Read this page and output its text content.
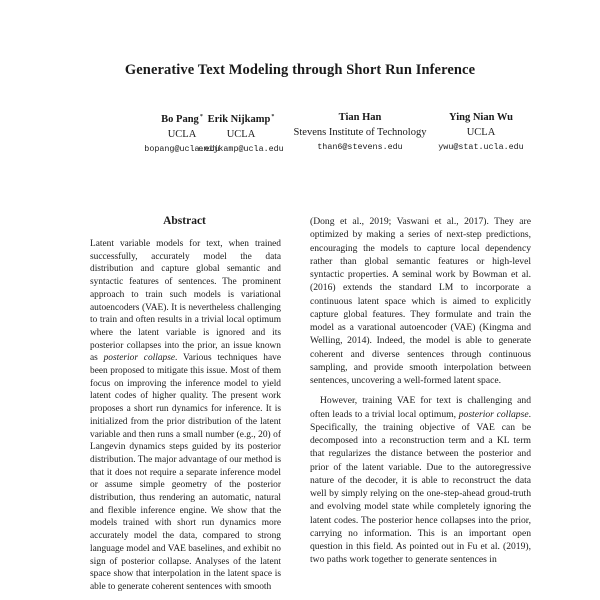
Generative Text Modeling through Short Run Inference
Bo Pang*
UCLA
bopang@ucla.edu
Erik Nijkamp*
UCLA
enijkamp@ucla.edu
Tian Han
Stevens Institute of Technology
than6@stevens.edu
Ying Nian Wu
UCLA
ywu@stat.ucla.edu
Abstract
Latent variable models for text, when trained successfully, accurately model the data distribution and capture global semantic and syntactic features of sentences. The prominent approach to train such models is variational autoencoders (VAE). It is nevertheless challenging to train and often results in a trivial local optimum where the latent variable is ignored and its posterior collapses into the prior, an issue known as posterior collapse. Various techniques have been proposed to mitigate this issue. Most of them focus on improving the inference model to yield latent codes of higher quality. The present work proposes a short run dynamics for inference. It is initialized from the prior distribution of the latent variable and then runs a small number (e.g., 20) of Langevin dynamics steps guided by its posterior distribution. The major advantage of our method is that it does not require a separate inference model or assume simple geometry of the posterior distribution, thus rendering an automatic, natural and flexible inference engine. We show that the models trained with short run dynamics more accurately model the data, compared to strong language model and VAE baselines, and exhibit no sign of posterior collapse. Analyses of the latent space show that interpolation in the latent space is able to generate coherent sentences with smooth

(Dong et al., 2019; Vaswani et al., 2017). They are optimized by making a series of next-step predictions, encouraging the models to capture local dependency rather than global semantic features or high-level syntactic properties. A seminal work by Bowman et al. (2016) extends the standard LM to incorporate a continuous latent space which is aimed to explicitly capture global features. They formulate and train the model as a varational autoencoder (VAE) (Kingma and Welling, 2014). Indeed, the model is able to generate coherent and diverse sentences through continuous sampling, and provide smooth interpolation between sentences, uncovering a well-formed latent space.

However, training VAE for text is challenging and often leads to a trivial local optimum, posterior collapse. Specifically, the training objective of VAE can be decomposed into a reconstruction term and a KL term that regularizes the distance between the posterior and prior of the latent variable. Due to the autoregressive nature of the decoder, it is able to reconstruct the data well by simply relying on the one-step-ahead groud-truth and evolving model state while completely ignoring the latent codes. The posterior hence collapses into the prior, carrying no information. This is an important open question in this field. As pointed out in Fu et al. (2019), two paths work together to generate sentences in
